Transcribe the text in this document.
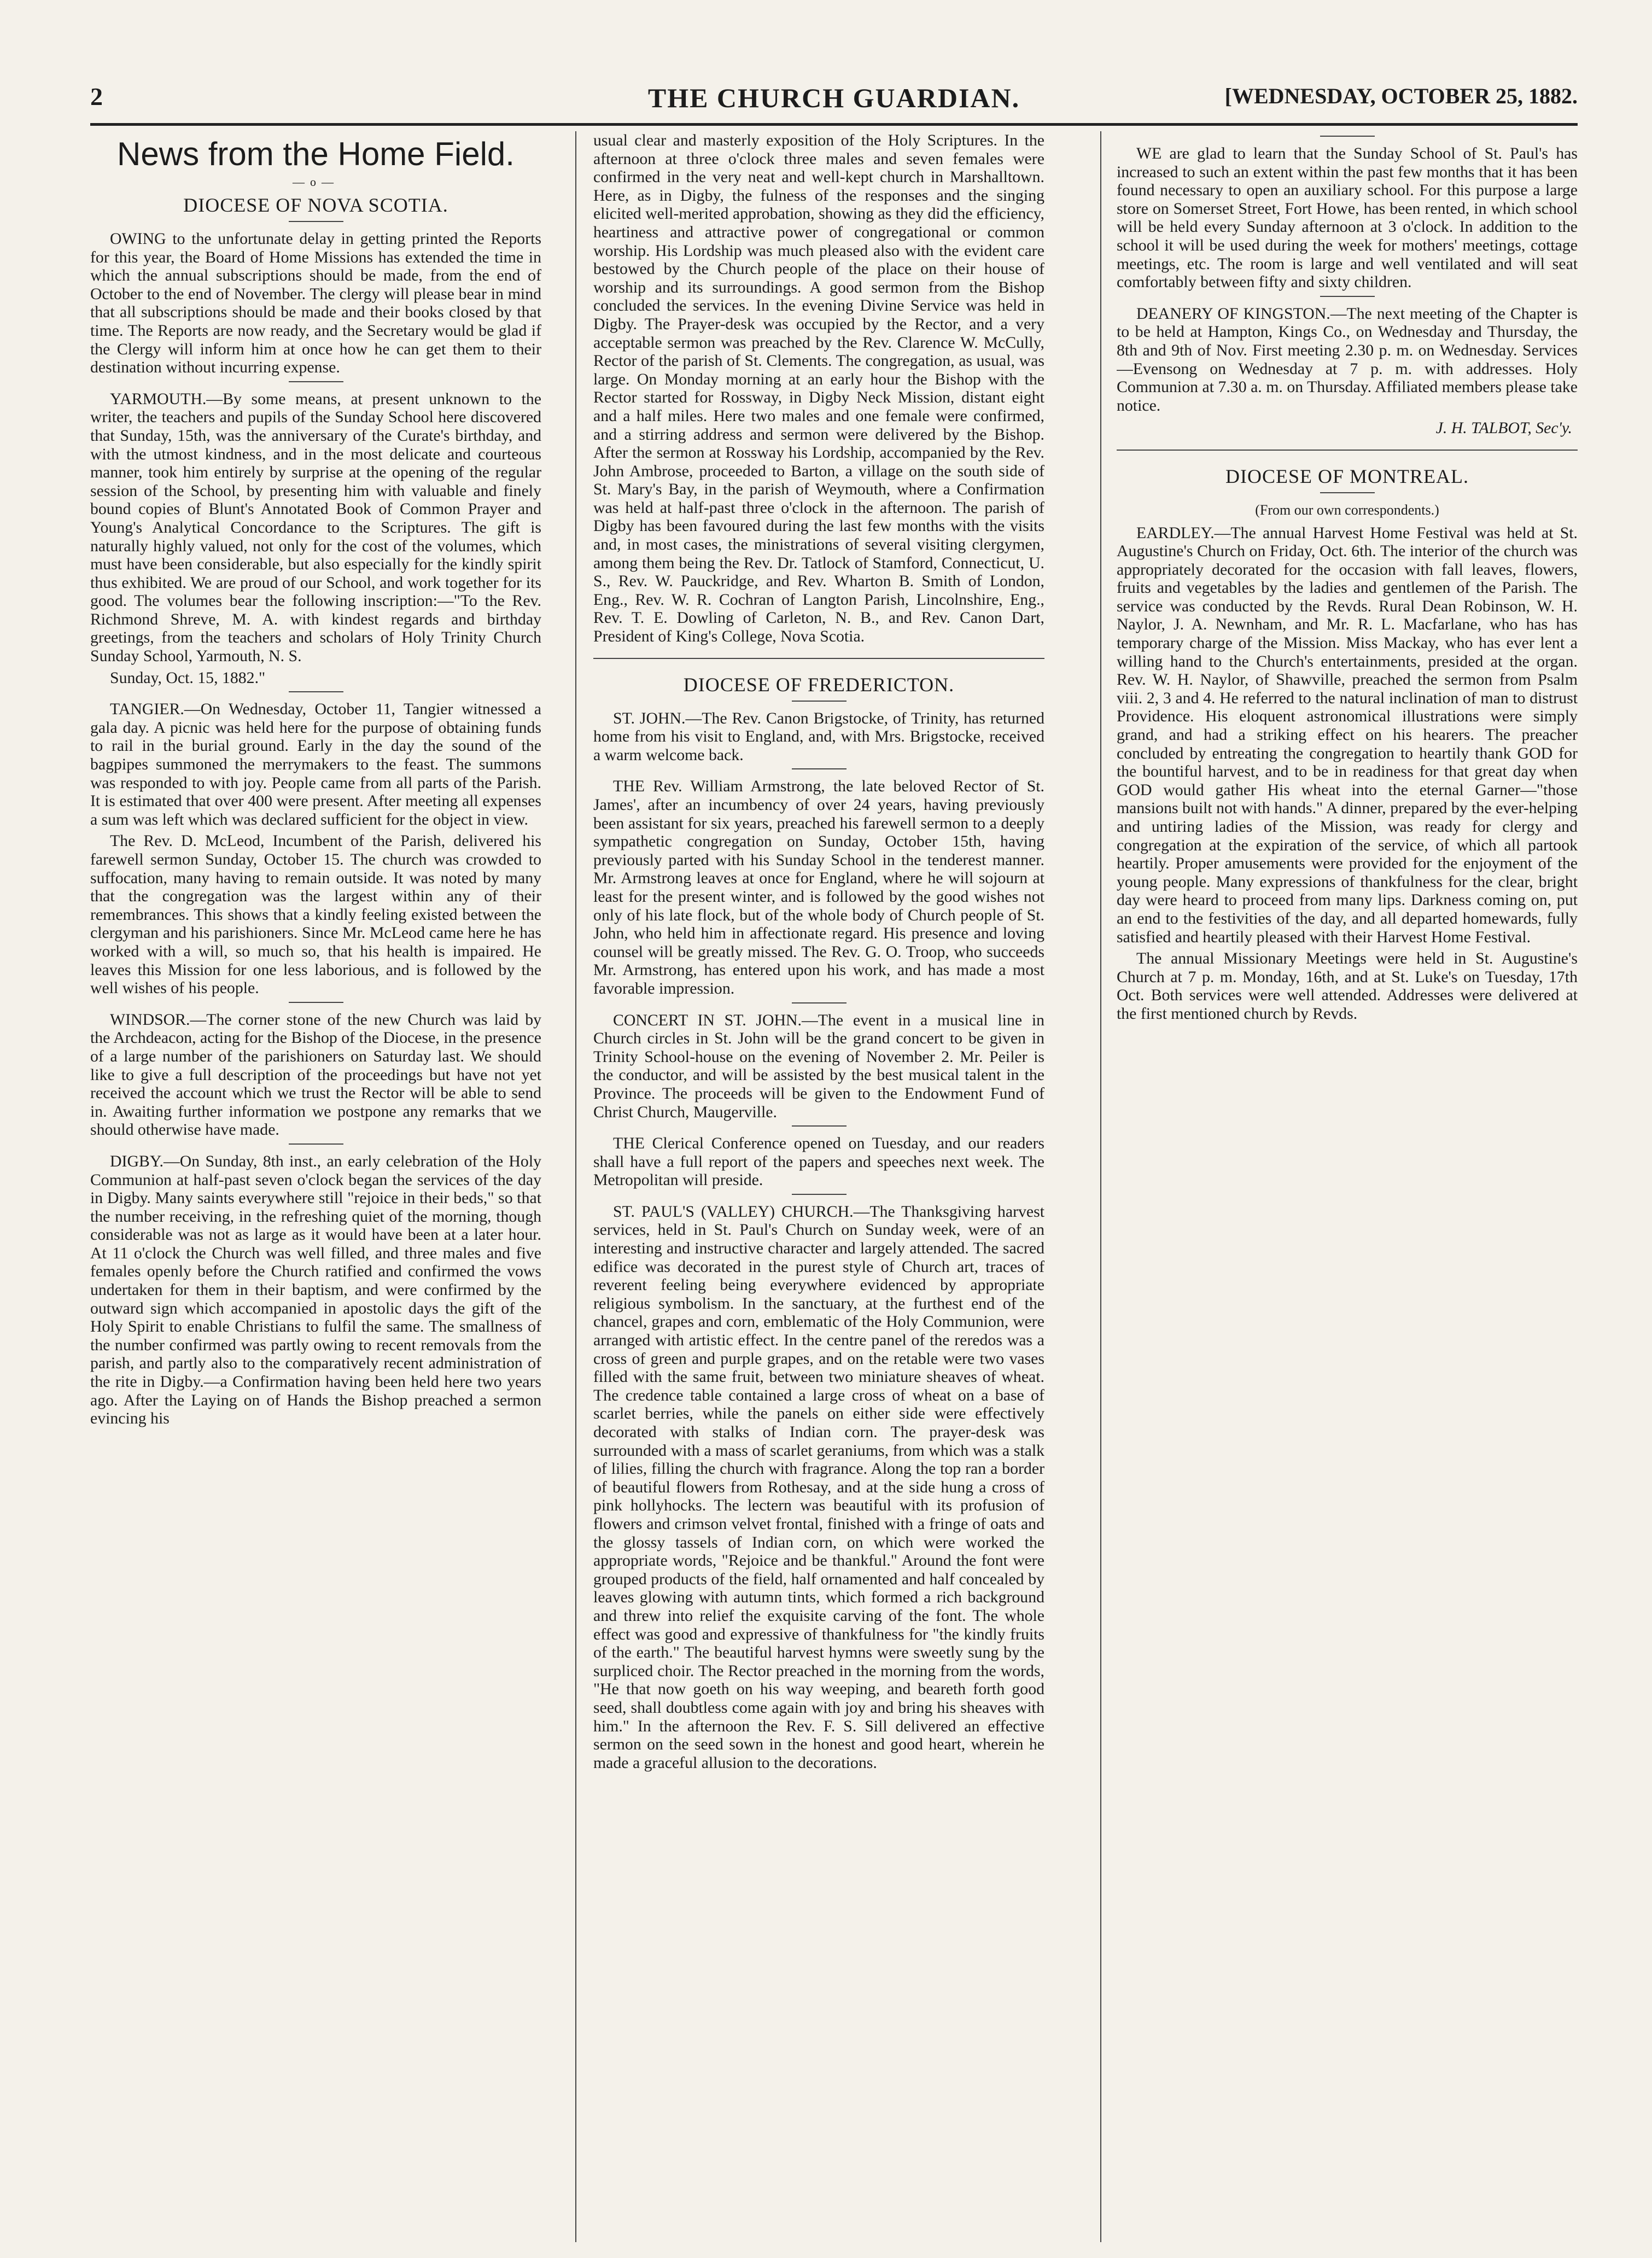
2	THE CHURCH GUARDIAN.	[WEDNESDAY, OCTOBER 25, 1882.
News from the Home Field.
—o—
DIOCESE OF NOVA SCOTIA.

OWING to the unfortunate delay in getting printed the Reports for this year, the Board of Home Missions has extended the time in which the annual subscriptions should be made, from the end of October to the end of November. The clergy will please bear in mind that all subscriptions should be made and their books closed by that time. The Reports are now ready, and the Secretary would be glad if the Clergy will inform him at once how he can get them to their destination without incurring expense.

YARMOUTH.—By some means, at present unknown to the writer, the teachers and pupils of the Sunday School here discovered that Sunday, 15th, was the anniversary of the Curate's birthday, and with the utmost kindness, and in the most delicate and courteous manner, took him entirely by surprise at the opening of the regular session of the School, by presenting him with valuable and finely bound copies of Blunt's Annotated Book of Common Prayer and Young's Analytical Concordance to the Scriptures. The gift is naturally highly valued, not only for the cost of the volumes, which must have been considerable, but also especially for the kindly spirit thus exhibited. We are proud of our School, and work together for its good. The volumes bear the following inscription:—"To the Rev. Richmond Shreve, M. A. with kindest regards and birthday greetings, from the teachers and scholars of Holy Trinity Church Sunday School, Yarmouth, N. S.

Sunday, Oct. 15, 1882."

TANGIER.—On Wednesday, October 11, Tangier witnessed a gala day. A picnic was held here for the purpose of obtaining funds to rail in the burial ground. Early in the day the sound of the bagpipes summoned the merrymakers to the feast. The summons was responded to with joy. People came from all parts of the Parish. It is estimated that over 400 were present. After meeting all expenses a sum was left which was declared sufficient for the object in view.

The Rev. D. McLeod, Incumbent of the Parish, delivered his farewell sermon Sunday, October 15. The church was crowded to suffocation, many having to remain outside. It was noted by many that the congregation was the largest within any of their remembrances. This shows that a kindly feeling existed between the clergyman and his parishioners. Since Mr. McLeod came here he has worked with a will, so much so, that his health is impaired. He leaves this Mission for one less laborious, and is followed by the well wishes of his people.

WINDSOR.—The corner stone of the new Church was laid by the Archdeacon, acting for the Bishop of the Diocese, in the presence of a large number of the parishioners on Saturday last. We should like to give a full description of the proceedings but have not yet received the account which we trust the Rector will be able to send in. Awaiting further information we postpone any remarks that we should otherwise have made.

DIGBY.—On Sunday, 8th inst., an early celebration of the Holy Communion at half-past seven o'clock began the services of the day in Digby. Many saints everywhere still "rejoice in their beds," so that the number receiving, in the refreshing quiet of the morning, though considerable was not as large as it would have been at a later hour. At 11 o'clock the Church was well filled, and three males and five females openly before the Church ratified and confirmed the vows undertaken for them in their baptism, and were confirmed by the outward sign which accompanied in apostolic days the gift of the Holy Spirit to enable Christians to fulfil the same. The smallness of the number confirmed was partly owing to recent removals from the parish, and partly also to the comparatively recent administration of the rite in Digby.—a Confirmation having been held here two years ago. After the Laying on of Hands the Bishop preached a sermon evincing his

usual clear and masterly exposition of the Holy Scriptures. In the afternoon at three o'clock three males and seven females were confirmed in the very neat and well-kept church in Marshalltown. Here, as in Digby, the fulness of the responses and the singing elicited well-merited approbation, showing as they did the efficiency, heartiness and attractive power of congregational or common worship. His Lordship was much pleased also with the evident care bestowed by the Church people of the place on their house of worship and its surroundings. A good sermon from the Bishop concluded the services. In the evening Divine Service was held in Digby. The Prayer-desk was occupied by the Rector, and a very acceptable sermon was preached by the Rev. Clarence W. McCully, Rector of the parish of St. Clements. The congregation, as usual, was large. On Monday morning at an early hour the Bishop with the Rector started for Rossway, in Digby Neck Mission, distant eight and a half miles. Here two males and one female were confirmed, and a stirring address and sermon were delivered by the Bishop. After the sermon at Rossway his Lordship, accompanied by the Rev. John Ambrose, proceeded to Barton, a village on the south side of St. Mary's Bay, in the parish of Weymouth, where a Confirmation was held at half-past three o'clock in the afternoon. The parish of Digby has been favoured during the last few months with the visits and, in most cases, the ministrations of several visiting clergymen, among them being the Rev. Dr. Tatlock of Stamford, Connecticut, U. S., Rev. W. Pauckridge, and Rev. Wharton B. Smith of London, Eng., Rev. W. R. Cochran of Langton Parish, Lincolnshire, Eng., Rev. T. E. Dowling of Carleton, N. B., and Rev. Canon Dart, President of King's College, Nova Scotia.

DIOCESE OF FREDERICTON.

ST. JOHN.—The Rev. Canon Brigstocke, of Trinity, has returned home from his visit to England, and, with Mrs. Brigstocke, received a warm welcome back.

THE Rev. William Armstrong, the late beloved Rector of St. James', after an incumbency of over 24 years, having previously been assistant for six years, preached his farewell sermon to a deeply sympathetic congregation on Sunday, October 15th, having previously parted with his Sunday School in the tenderest manner. Mr. Armstrong leaves at once for England, where he will sojourn at least for the present winter, and is followed by the good wishes not only of his late flock, but of the whole body of Church people of St. John, who held him in affectionate regard. His presence and loving counsel will be greatly missed. The Rev. G. O. Troop, who succeeds Mr. Armstrong, has entered upon his work, and has made a most favorable impression.

CONCERT IN ST. JOHN.—The event in a musical line in Church circles in St. John will be the grand concert to be given in Trinity School-house on the evening of November 2. Mr. Peiler is the conductor, and will be assisted by the best musical talent in the Province. The proceeds will be given to the Endowment Fund of Christ Church, Maugerville.

THE Clerical Conference opened on Tuesday, and our readers shall have a full report of the papers and speeches next week. The Metropolitan will preside.

ST. PAUL'S (VALLEY) CHURCH.—The Thanksgiving harvest services, held in St. Paul's Church on Sunday week, were of an interesting and instructive character and largely attended. The sacred edifice was decorated in the purest style of Church art, traces of reverent feeling being everywhere evidenced by appropriate religious symbolism. In the sanctuary, at the furthest end of the chancel, grapes and corn, emblematic of the Holy Communion, were arranged with artistic effect. In the centre panel of the reredos was a cross of green and purple grapes, and on the retable were two vases filled with the same fruit, between two miniature sheaves of wheat. The credence table contained a large cross of wheat on a base of scarlet berries, while the panels on either side were effectively decorated with stalks of Indian corn. The prayer-desk was surrounded with a mass of scarlet geraniums, from which was a stalk of lilies, filling the church with fragrance. Along the top ran a border of beautiful flowers from Rothesay, and at the side hung a cross of pink hollyhocks. The lectern was beautiful with its profusion of flowers and crimson velvet frontal, finished with a fringe of oats and the glossy tassels of Indian corn, on which were worked the appropriate words, "Rejoice and be thankful." Around the font were grouped products of the field, half ornamented and half concealed by leaves glowing with autumn tints, which formed a rich background and threw into relief the exquisite carving of the font. The whole effect was good and expressive of thankfulness for "the kindly fruits of the earth." The beautiful harvest hymns were sweetly sung by the surpliced choir. The Rector preached in the morning from the words, "He that now goeth on his way weeping, and beareth forth good seed, shall doubtless come again with joy and bring his sheaves with him." In the afternoon the Rev. F. S. Sill delivered an effective sermon on the seed sown in the honest and good heart, wherein he made a graceful allusion to the decorations.

WE are glad to learn that the Sunday School of St. Paul's has increased to such an extent within the past few months that it has been found necessary to open an auxiliary school. For this purpose a large store on Somerset Street, Fort Howe, has been rented, in which school will be held every Sunday afternoon at 3 o'clock. In addition to the school it will be used during the week for mothers' meetings, cottage meetings, etc. The room is large and well ventilated and will seat comfortably between fifty and sixty children.

DEANERY OF KINGSTON.—The next meeting of the Chapter is to be held at Hampton, Kings Co., on Wednesday and Thursday, the 8th and 9th of Nov. First meeting 2.30 p. m. on Wednesday. Services—Evensong on Wednesday at 7 p. m. with addresses. Holy Communion at 7.30 a. m. on Thursday. Affiliated members please take notice.

J. H. TALBOT, Sec'y.
DIOCESE OF MONTREAL.
(From our own correspondents.)

EARDLEY.—The annual Harvest Home Festival was held at St. Augustine's Church on Friday, Oct. 6th. The interior of the church was appropriately decorated for the occasion with fall leaves, flowers, fruits and vegetables by the ladies and gentlemen of the Parish. The service was conducted by the Revds. Rural Dean Robinson, W. H. Naylor, J. A. Newnham, and Mr. R. L. Macfarlane, who has has temporary charge of the Mission. Miss Mackay, who has ever lent a willing hand to the Church's entertainments, presided at the organ. Rev. W. H. Naylor, of Shawville, preached the sermon from Psalm viii. 2, 3 and 4. He referred to the natural inclination of man to distrust Providence. His eloquent astronomical illustrations were simply grand, and had a striking effect on his hearers. The preacher concluded by entreating the congregation to heartily thank GOD for the bountiful harvest, and to be in readiness for that great day when GOD would gather His wheat into the eternal Garner—"those mansions built not with hands." A dinner, prepared by the ever-helping and untiring ladies of the Mission, was ready for clergy and congregation at the expiration of the service, of which all partook heartily. Proper amusements were provided for the enjoyment of the young people. Many expressions of thankfulness for the clear, bright day were heard to proceed from many lips. Darkness coming on, put an end to the festivities of the day, and all departed homewards, fully satisfied and heartily pleased with their Harvest Home Festival.

The annual Missionary Meetings were held in St. Augustine's Church at 7 p. m. Monday, 16th, and at St. Luke's on Tuesday, 17th Oct. Both services were well attended. Addresses were delivered at the first mentioned church by Revds.
